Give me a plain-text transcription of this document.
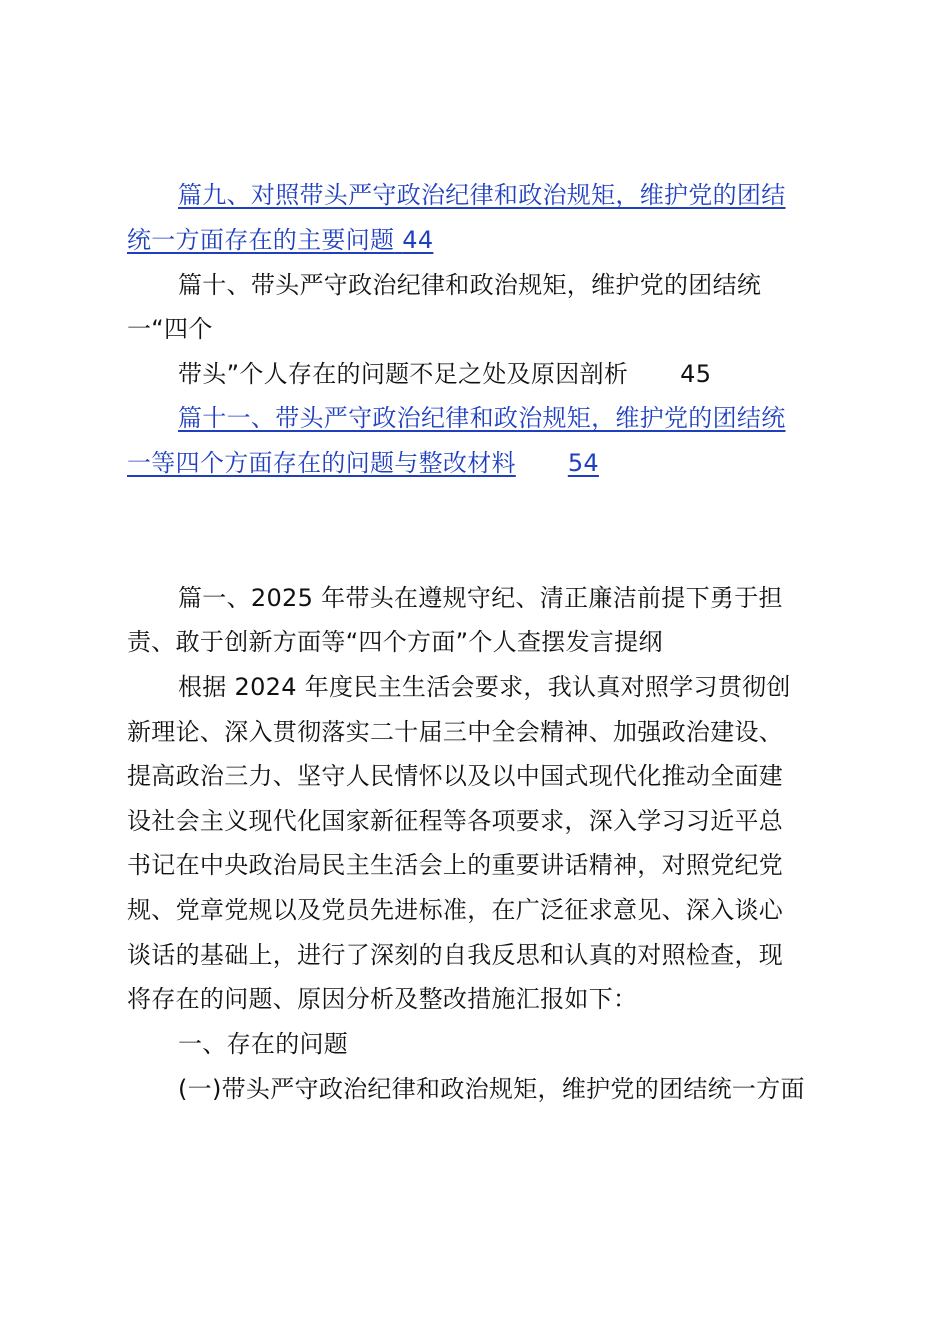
篇九、对照带头严守政治纪律和政治规矩，维护党的团结

统一方面存在的主要问题 44

篇十、带头严守政治纪律和政治规矩，维护党的团结统

一“四个

带头”个人存在的问题不足之处及原因剖析 45

篇十一、带头严守政治纪律和政治规矩，维护党的团结统

一等四个方面存在的问题与整改材料 54

篇一、2025 年带头在遵规守纪、清正廉洁前提下勇于担

责、敢于创新方面等“四个方面”个人查摆发言提纲

根据 2024 年度民主生活会要求，我认真对照学习贯彻创

新理论、深入贯彻落实二十届三中全会精神、加强政治建设、

提高政治三力、坚守人民情怀以及以中国式现代化推动全面建

设社会主义现代化国家新征程等各项要求，深入学习习近平总

书记在中央政治局民主生活会上的重要讲话精神，对照党纪党

规、党章党规以及党员先进标准，在广泛征求意见、深入谈心

谈话的基础上，进行了深刻的自我反思和认真的对照检查，现

将存在的问题、原因分析及整改措施汇报如下：

一、存在的问题

(一)带头严守政治纪律和政治规矩，维护党的团结统一方面
